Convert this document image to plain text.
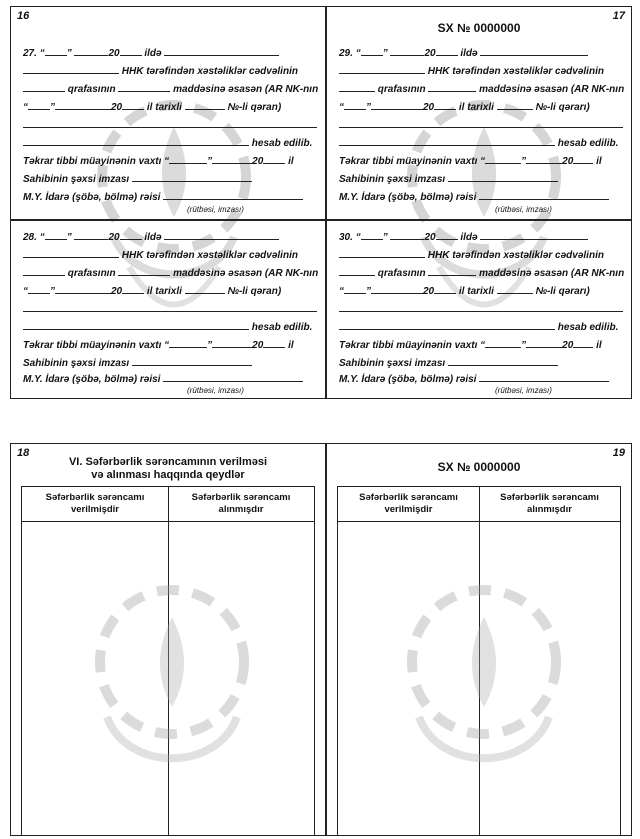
16
27. “ ”	20 ildə
HHK tərəfindən xəstəliklər cədvəlinin
qrafasının	maddəsinə əsasən (AR NK-nın
“ ”	20 il tarixli	№-li qəran)
hesab edilib.
Təkrar tibbi müayinənin vaxtı “	”	20 il
Sahibinin şəxsi imzası
M.Y. İdarə (şöbə, bölmə) rəisi
(rütbəsi, imzası)
28. “ ”	20 ildə
HHK tərəfindən xəstəliklər cədvəlinin
qrafasının	maddəsinə əsasən (AR NK-nın
“ ”	20 il tarixli	№-li qəran)
hesab edilib.
Təkrar tibbi müayinənin vaxtı “	”	20 il
Sahibinin şəxsi imzası
M.Y. İdarə (şöbə, bölmə) rəisi
(rütbəsi, imzası)
17
SX № 0000000
29. “ ”	20 ildə
HHK tərəfindən xəstəliklər cədvəlinin
qrafasının	maddəsinə əsasən (AR NK-nın
“ ”	20 il tarixli	№-li qərarı)
hesab edilib.
Təkrar tibbi müayinənin vaxtı “	”	20 il
Sahibinin şəxsi imzası
M.Y. İdarə (şöbə, bölmə) rəisi
(rütbəsi, imzası)
30. “ ”	20 ildə
HHK tərəfindən xəstəliklər cədvəlinin
qrafasının	maddəsinə əsasən (AR NK-nın
“ ”	20 il tarixli	№-li qərarı)
hesab edilib.
Təkrar tibbi müayinənin vaxtı “	”	20 il
Sahibinin şəxsi imzası
M.Y. İdarə (şöbə, bölmə) rəisi
(rütbəsi, imzası)
18
VI. Səfərbərlik sərəncamının verilməsi
və alınması haqqında qeydlər
Səfərbərlik sərəncamı
verilmişdir
Səfərbərlik sərəncamı
alınmışdır
19
SX № 0000000
Səfərbərlik sərəncamı
verilmişdir
Səfərbərlik sərəncamı
alınmışdır
